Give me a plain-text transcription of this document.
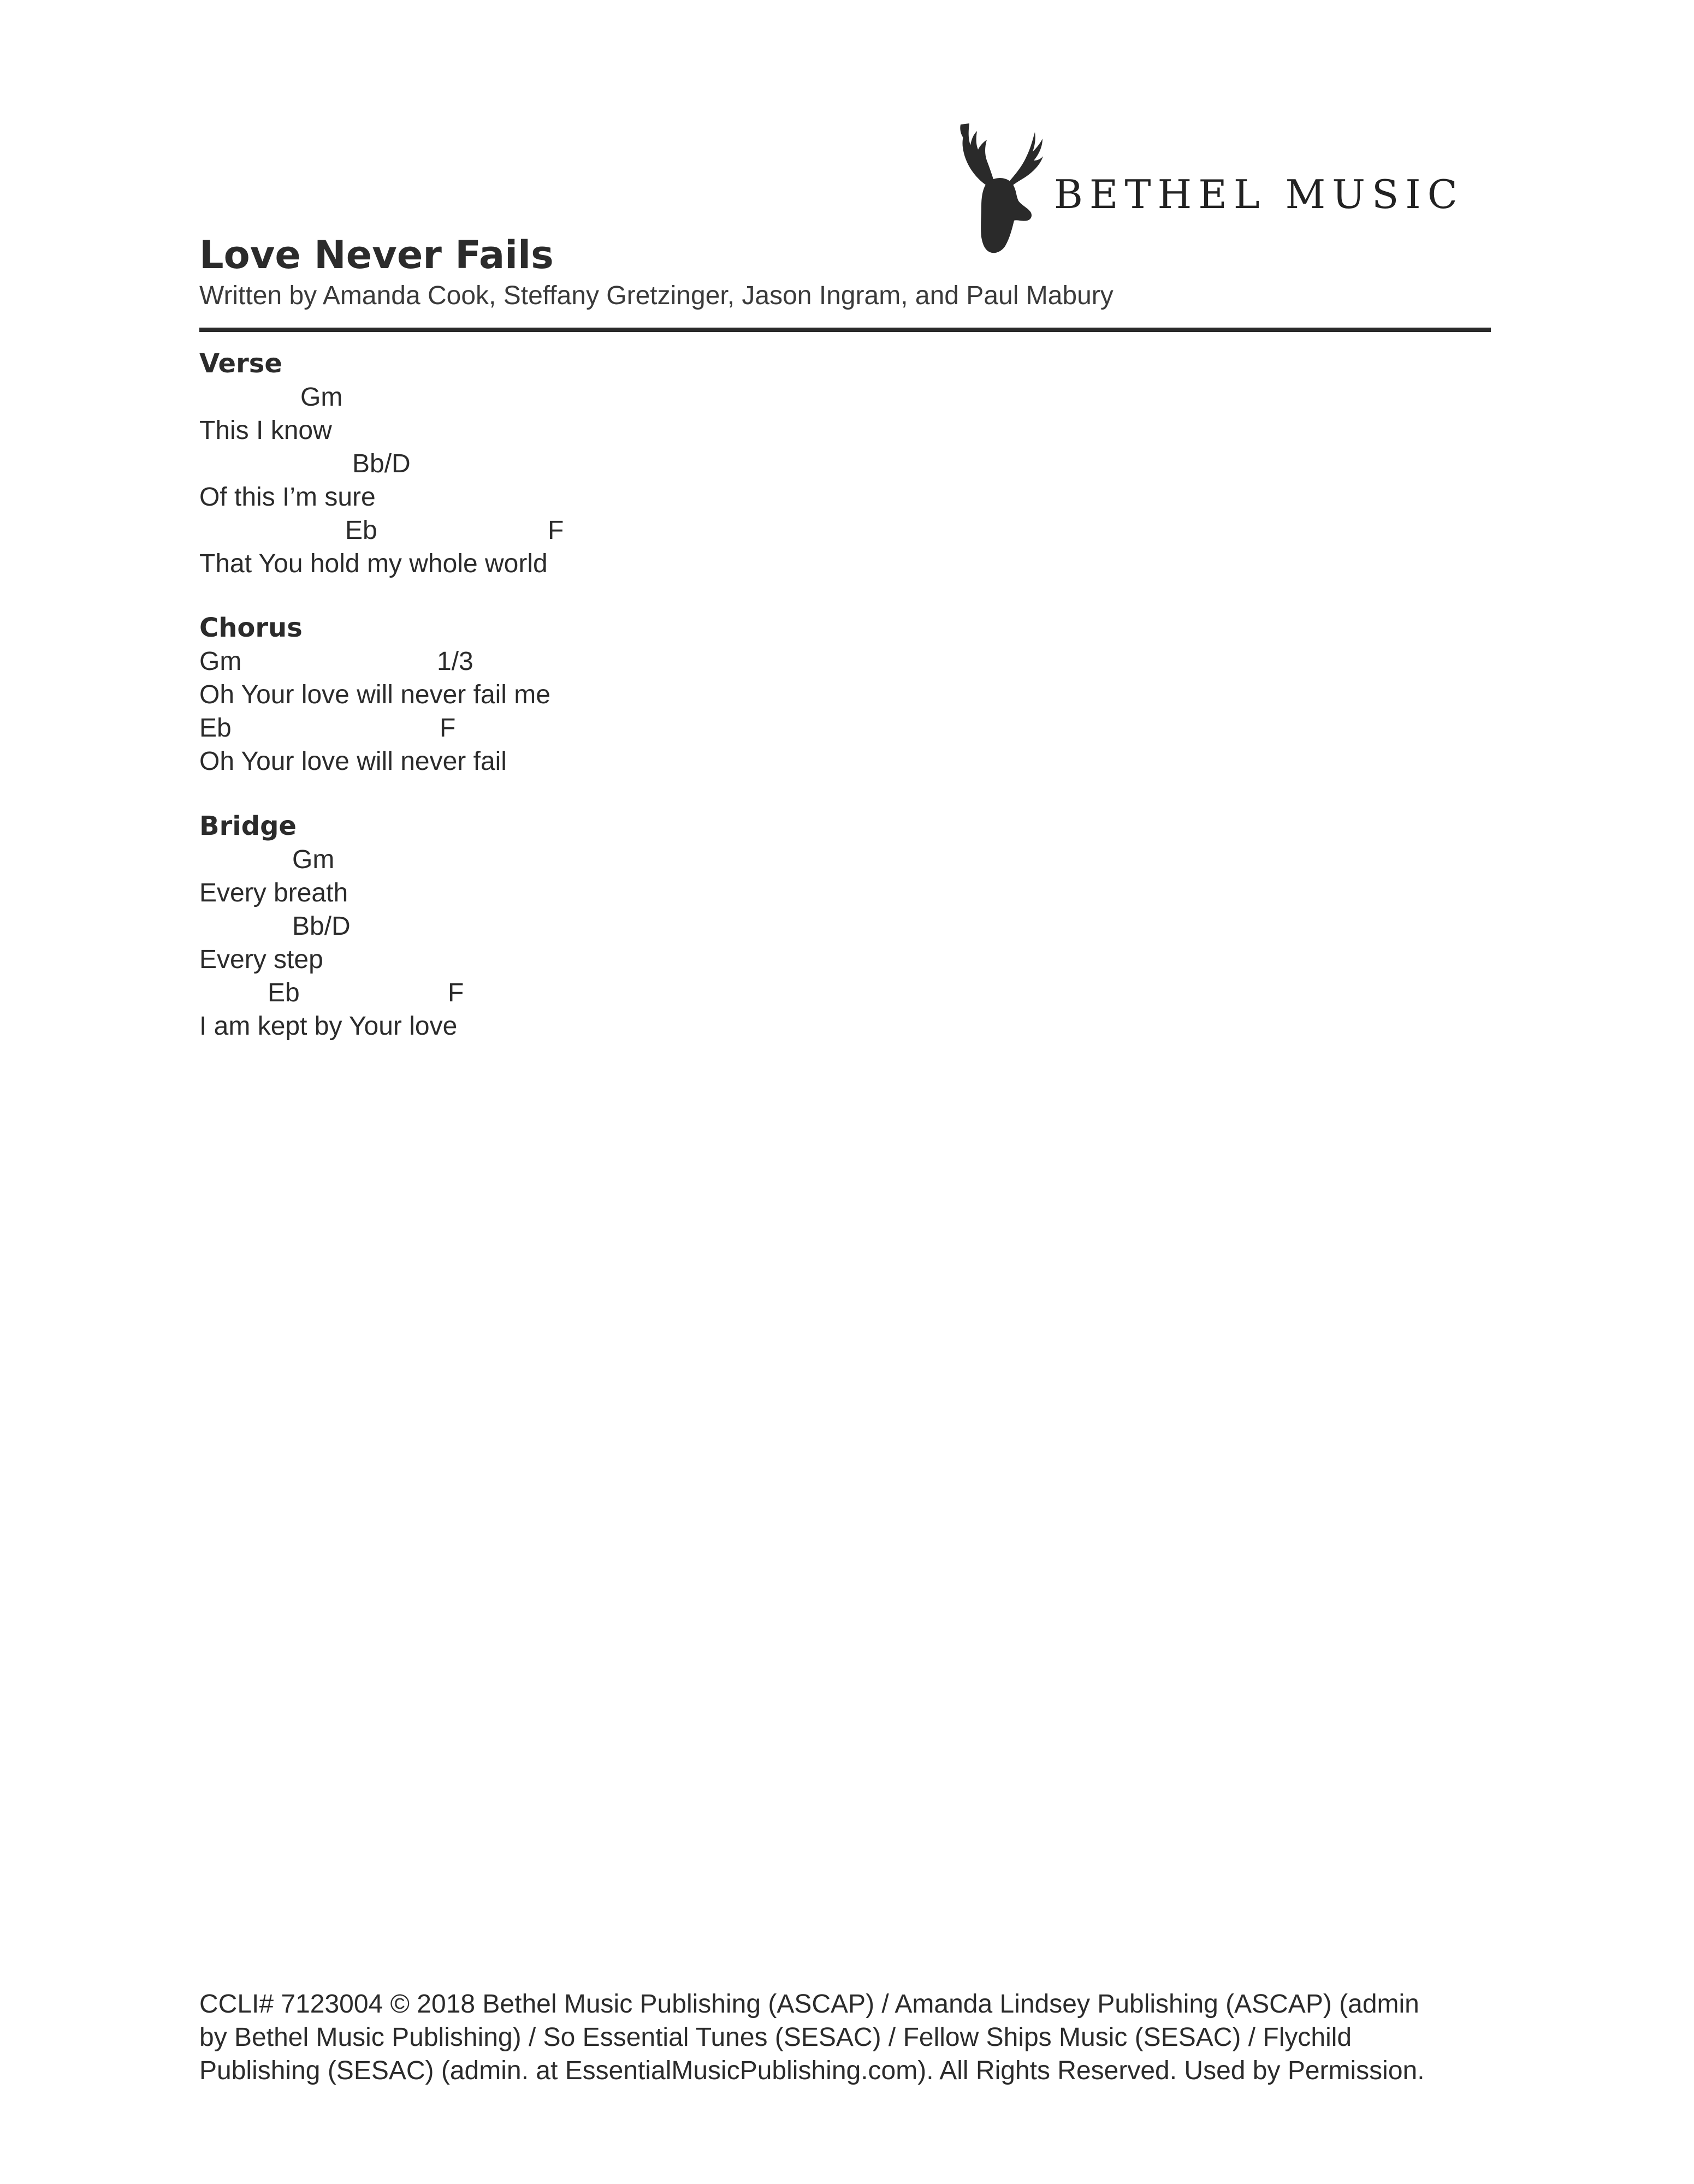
BETHEL MUSIC
Love Never Fails
Written by Amanda Cook, Steffany Gretzinger, Jason Ingram, and Paul Mabury
Verse
Gm
This I know
Bb/D
Of this I’m sure
Eb	F
That You hold my whole world
Chorus
Gm	1/3
Oh Your love will never fail me
Eb	F
Oh Your love will never fail
Bridge
Gm
Every breath
Bb/D
Every step
Eb	F
I am kept by Your love
CCLI# 7123004 © 2018 Bethel Music Publishing (ASCAP) / Amanda Lindsey Publishing (ASCAP) (admin
by Bethel Music Publishing) / So Essential Tunes (SESAC) / Fellow Ships Music (SESAC) / Flychild
Publishing (SESAC) (admin. at EssentialMusicPublishing.com). All Rights Reserved. Used by Permission.
